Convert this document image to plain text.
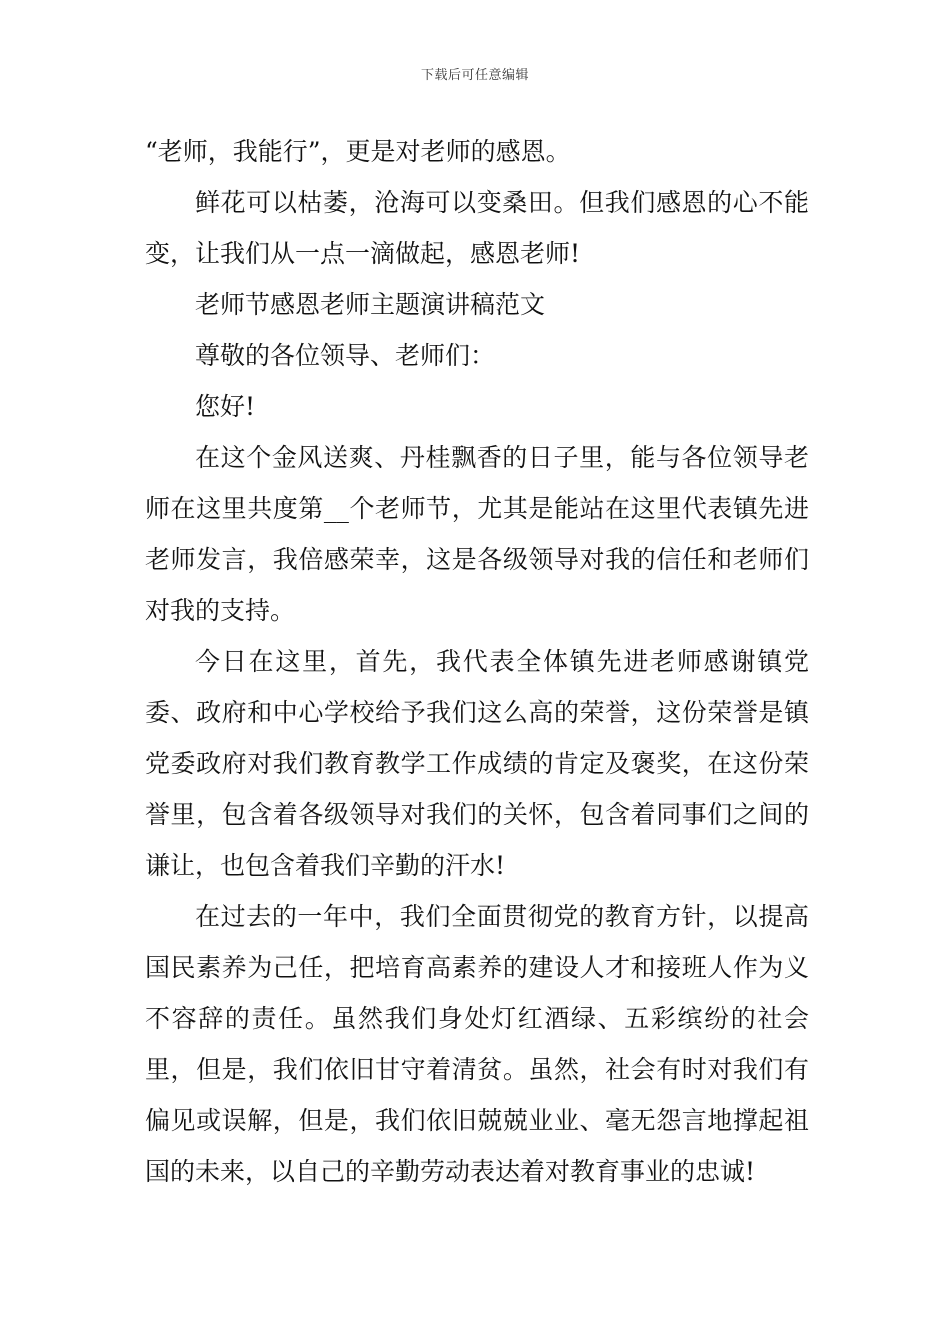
下载后可任意编辑

“老师，我能行”，更是对老师的感恩。

鲜花可以枯萎，沧海可以变桑田。但我们感恩的心不能变，让我们从一点一滴做起，感恩老师!

老师节感恩老师主题演讲稿范文

尊敬的各位领导、老师们：

您好!

在这个金风送爽、丹桂飘香的日子里，能与各位领导老师在这里共度第__个老师节，尤其是能站在这里代表镇先进老师发言，我倍感荣幸，这是各级领导对我的信任和老师们对我的支持。

今日在这里，首先，我代表全体镇先进老师感谢镇党委、政府和中心学校给予我们这么高的荣誉，这份荣誉是镇党委政府对我们教育教学工作成绩的肯定及褒奖，在这份荣誉里，包含着各级领导对我们的关怀，包含着同事们之间的谦让，也包含着我们辛勤的汗水!

在过去的一年中，我们全面贯彻党的教育方针，以提高国民素养为己任，把培育高素养的建设人才和接班人作为义不容辞的责任。虽然我们身处灯红酒绿、五彩缤纷的社会里，但是，我们依旧甘守着清贫。虽然，社会有时对我们有偏见或误解，但是，我们依旧兢兢业业、毫无怨言地撑起祖国的未来，以自己的辛勤劳动表达着对教育事业的忠诚!
